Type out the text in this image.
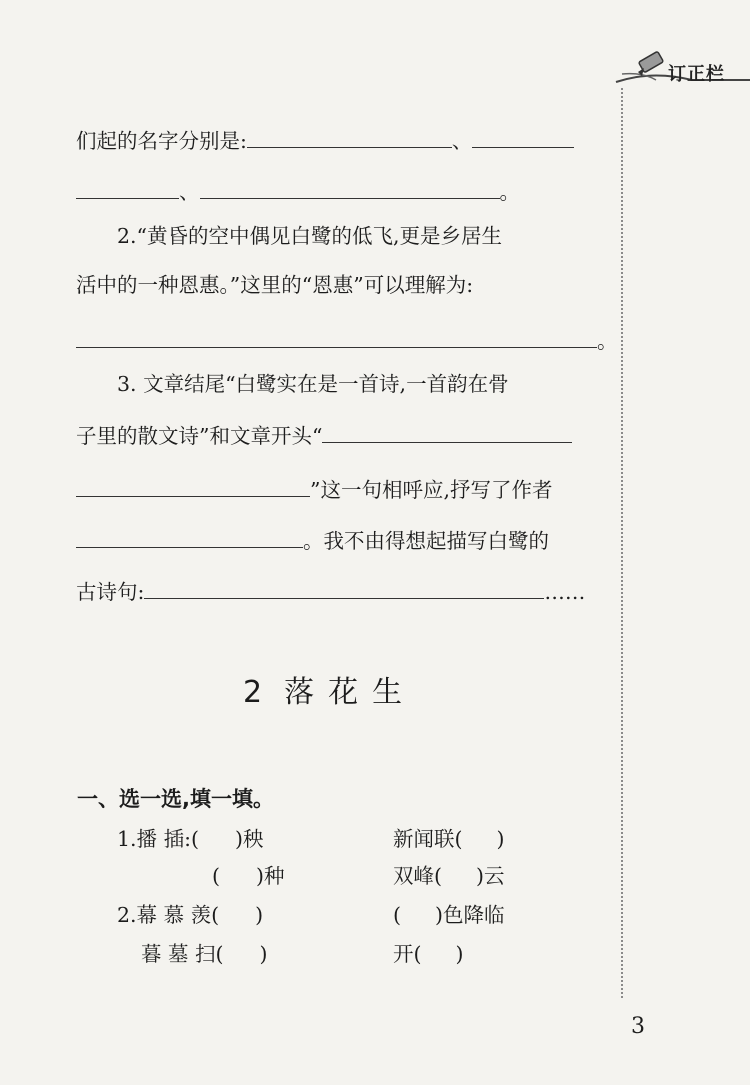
订正栏
们起的名字分别是:	、
、	。
2.“黄昏的空中偶见白鹭的低飞,更是乡居生
活中的一种恩惠。”这里的“恩惠”可以理解为:
。
3. 文章结尾“白鹭实在是一首诗,一首韵在骨
子里的散文诗”和文章开头“
”这一句相呼应,抒写了作者
。我不由得想起描写白鹭的
古诗句:	……
2 落花生
一、选一选,填一填。
1.播 插:( )秧	新闻联( )
( )种	双峰( )云
2.幕 慕 羡( )	( )色降临
暮 墓 扫( )	开( )
3
